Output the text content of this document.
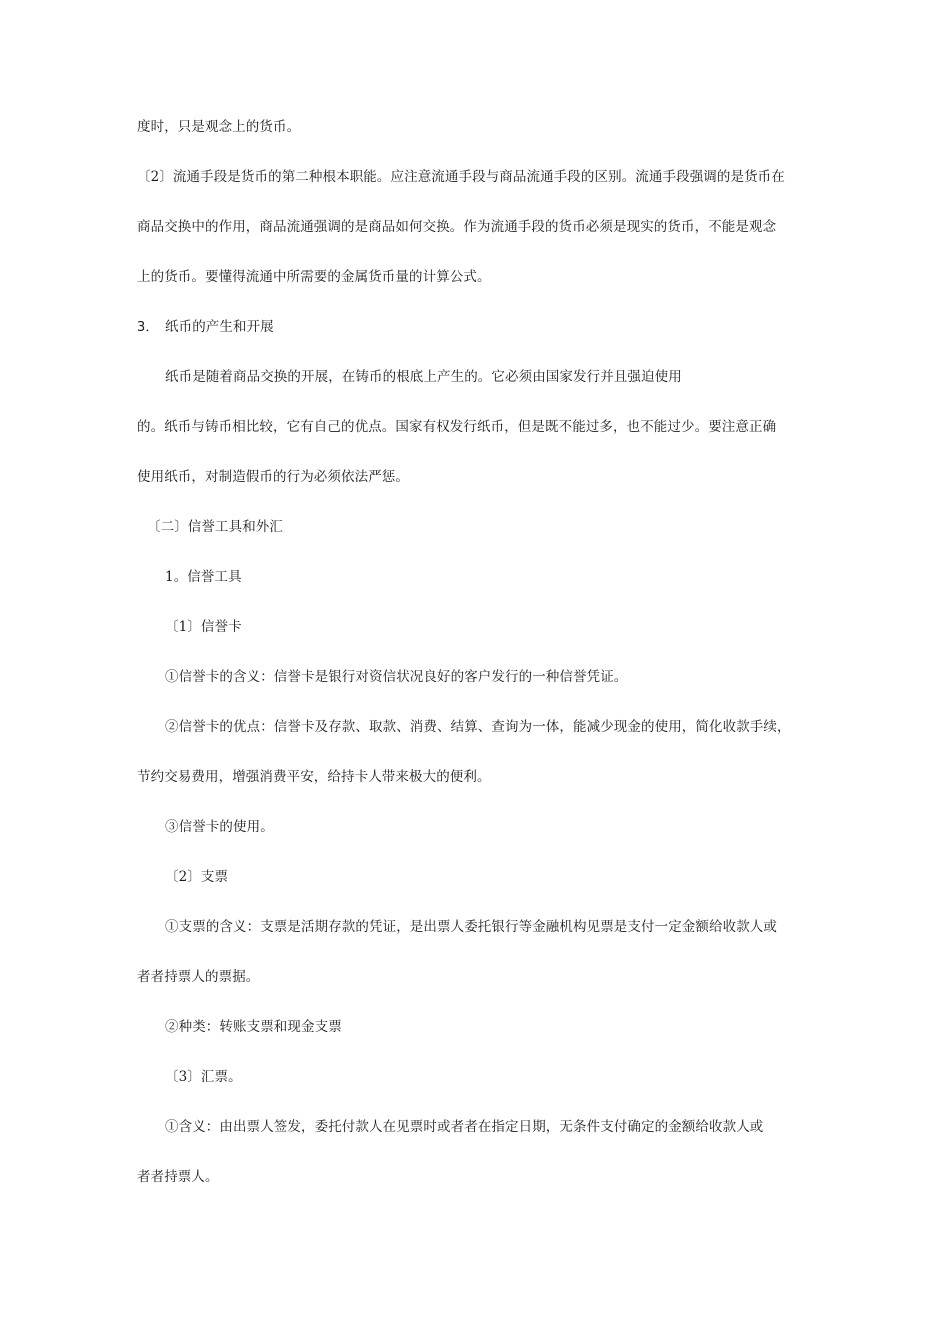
度时，只是观念上的货币。
〔2〕流通手段是货币的第二种根本职能。应注意流通手段与商品流通手段的区别。流通手段强调的是货币在
商品交换中的作用，商品流通强调的是商品如何交换。作为流通手段的货币必须是现实的货币，不能是观念
上的货币。要懂得流通中所需要的金属货币量的计算公式。
3． 纸币的产生和开展
纸币是随着商品交换的开展，在铸币的根底上产生的。它必须由国家发行并且强迫使用
的。纸币与铸币相比较，它有自己的优点。国家有权发行纸币，但是既不能过多，也不能过少。要注意正确
使用纸币，对制造假币的行为必须依法严惩。
〔二〕信誉工具和外汇
1。信誉工具
〔1〕信誉卡
①信誉卡的含义：信誉卡是银行对资信状况良好的客户发行的一种信誉凭证。
②信誉卡的优点：信誉卡及存款、取款、消费、结算、查询为一体，能减少现金的使用，简化收款手续，
节约交易费用，增强消费平安，给持卡人带来极大的便利。
③信誉卡的使用。
〔2〕支票
①支票的含义：支票是活期存款的凭证，是出票人委托银行等金融机构见票是支付一定金额给收款人或
者者持票人的票据。
②种类：转账支票和现金支票
〔3〕汇票。
①含义：由出票人签发，委托付款人在见票时或者者在指定日期，无条件支付确定的金额给收款人或
者者持票人。
